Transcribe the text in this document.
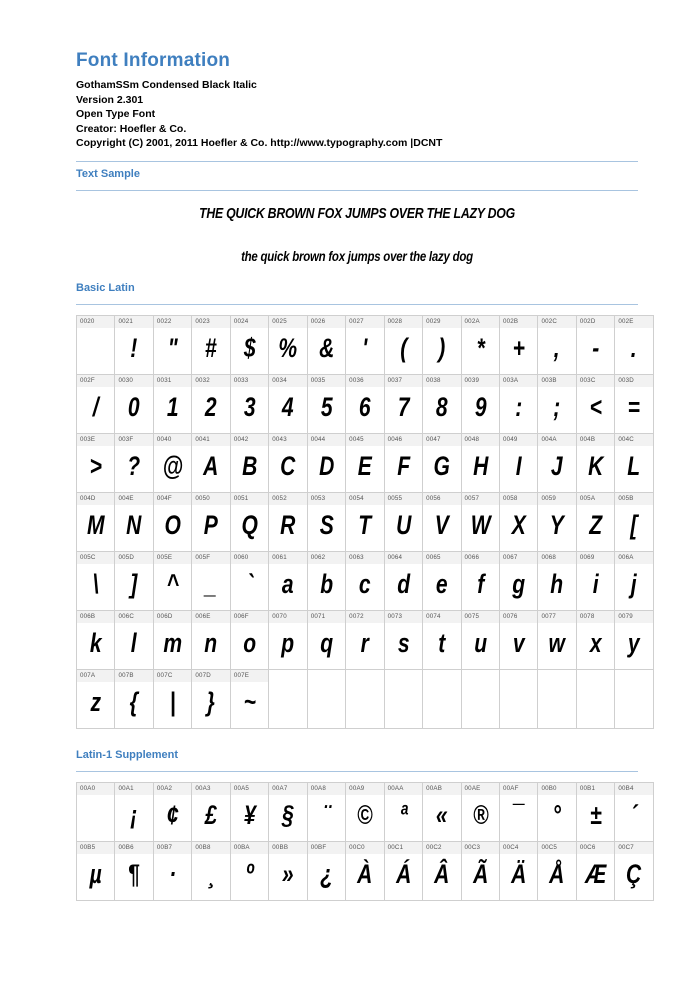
Font Information

GothamSSm Condensed Black Italic

Version 2.301

Open Type Font

Creator: Hoefler & Co.

Copyright (C) 2001, 2011 Hoefler & Co. http://www.typography.com |DCNT

Text Sample

THE QUICK BROWN FOX JUMPS OVER THE LAZY DOG

the quick brown fox jumps over the lazy dog

Basic Latin

0020	0021
!

0022
"

0023
#

0024
$

0025
%

0026
&

0027
'

0028
(

0029
)

002A
*

002B
+

002C
,

002D
-

002E
.

002F
/

0030
0

0031
1

0032
2

0033
3

0034
4

0035
5

0036
6

0037
7

0038
8

0039
9

003A
:

003B
;

003C
<

003D
=

003E
>

003F
?

0040
@

0041
A

0042
B

0043
C

0044
D

0045
E

0046
F

0047
G

0048
H

0049
I

004A
J

004B
K

004C
L

004D
M

004E
N

004F
O

0050
P

0051
Q

0052
R

0053
S

0054
T

0055
U

0056
V

0057
W

0058
X

0059
Y

005A
Z

005B
[

005C
\

005D
]

005E
^

005F
_

0060
`

0061
a

0062
b

0063
c

0064
d

0065
e

0066
f

0067
g

0068
h

0069
i

006A
j

006B
k

006C
l

006D
m

006E
n

006F
o

0070
p

0071
q

0072
r

0073
s

0074
t

0075
u

0076
v

0077
w

0078
x

0079
y

007A
z

007B
{

007C
|

007D
}

007E
~

Latin-1 Supplement

00A0	00A1
¡

00A2
¢

00A3
£

00A5
¥

00A7
§

00A8
¨

00A9
©

00AA
ª

00AB
«

00AE
®

00AF
¯

00B0
°

00B1
±

00B4
´

00B5
µ

00B6
¶

00B7
·

00B8
¸

00BA
º

00BB
»

00BF
¿

00C0
À

00C1
Á

00C2
Â

00C3
Ã

00C4
Ä

00C5
Å

00C6
Æ

00C7
Ç
